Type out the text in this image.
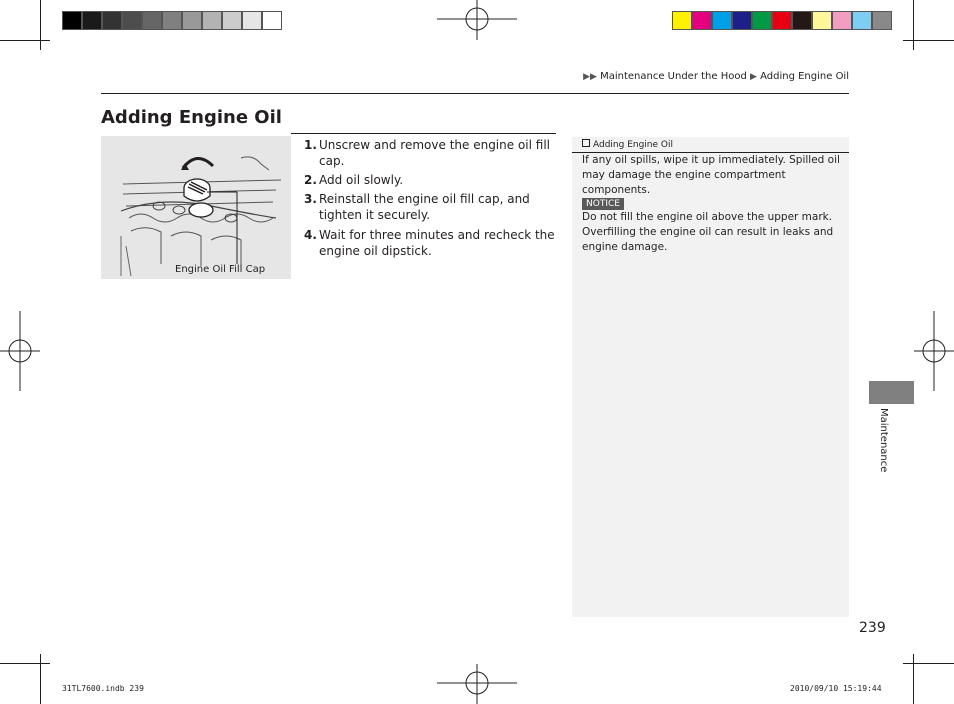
▶▶ Maintenance Under the Hood ▶ Adding Engine Oil
Adding Engine Oil
Engine Oil Fill Cap
1. Unscrew and remove the engine oil fill cap.
2. Add oil slowly.
3. Reinstall the engine oil fill cap, and tighten it securely.
4. Wait for three minutes and recheck the engine oil dipstick.
Adding Engine Oil
If any oil spills, wipe it up immediately. Spilled oil may damage the engine compartment components.
NOTICE
Do not fill the engine oil above the upper mark. Overfilling the engine oil can result in leaks and engine damage.
Maintenance
239
31TL7600.indb 239	2010/09/10 15:19:44
